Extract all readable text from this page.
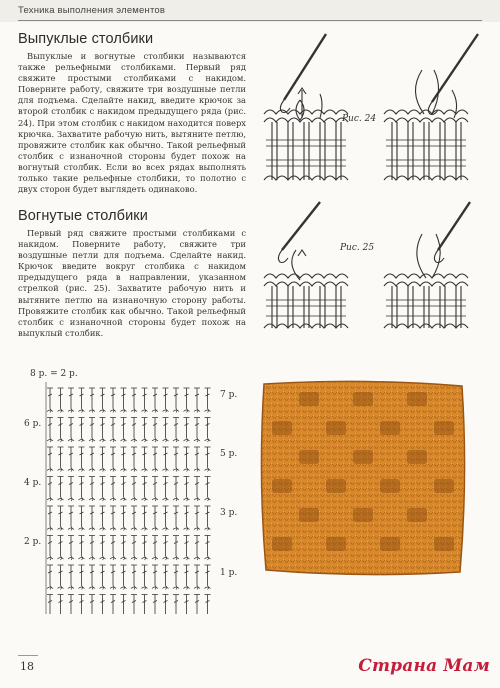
Техника выполнения элементов
Выпуклые столбики

Выпуклые и вогнутые столбики называются также рельефными столбиками. Первый ряд свяжите простыми столбиками с накидом. Поверните работу, свяжите три воздушные петли для подъема. Сделайте накид, введите крючок за второй столбик с накидом предыдущего ряда (рис. 24). При этом столбик с накидом находится поверх крючка. Захватите рабочую нить, вытяните петлю, провяжите столбик как обычно. Такой рельефный столбик с изнаночной стороны будет похож на вогнутый столбик. Если во всех рядах выполнять только такие рельефные столбики, то полотно с двух сторон будет выглядеть одинаково.

Рис. 24
Вогнутые столбики

Первый ряд свяжите простыми столбиками с накидом. Поверните работу, свяжите три воздушные петли для подъема. Сделайте накид. Крючок введите вокруг столбика с накидом предыдущего ряда в направлении, указанном стрелкой (рис. 25). Захватите рабочую нить и вытяните петлю на изнаночную сторону работы. Провяжите столбик как обычно. Такой рельефный столбик с изнаночной стороны будет похож на выпуклый столбик.

Рис. 25
8 р. = 2 р.
6 р.
4 р.
2 р.
7 р.
5 р.
3 р.
1 р.
18	Страна Мам
